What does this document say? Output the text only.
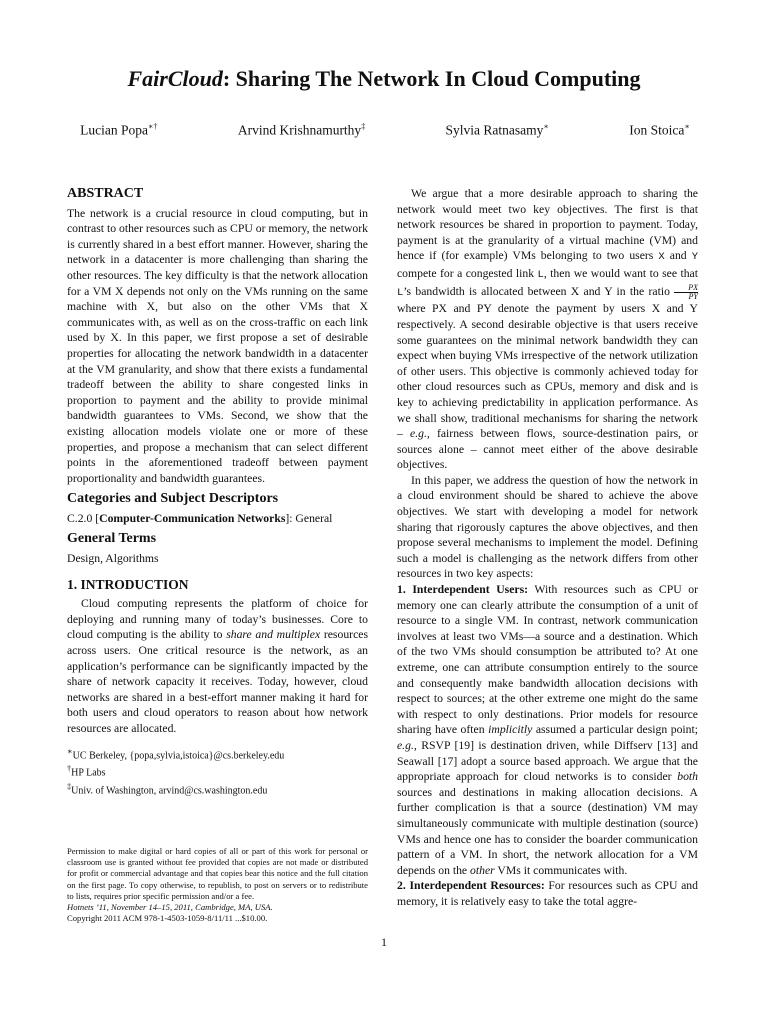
FairCloud: Sharing The Network In Cloud Computing
Lucian Popa∗†	Arvind Krishnamurthy‡	Sylvia Ratnasamy∗	Ion Stoica∗
ABSTRACT

The network is a crucial resource in cloud computing, but in contrast to other resources such as CPU or memory, the network is currently shared in a best effort manner. However, sharing the network in a datacenter is more challenging than sharing the other resources. The key difficulty is that the network allocation for a VM X depends not only on the VMs running on the same machine with X, but also on the other VMs that X communicates with, as well as on the cross-traffic on each link used by X. In this paper, we first propose a set of desirable properties for allocating the network bandwidth in a datacenter at the VM granularity, and show that there exists a fundamental tradeoff between the ability to share congested links in proportion to payment and the ability to provide minimal bandwidth guarantees to VMs. Second, we show that the existing allocation models violate one or more of these properties, and propose a mechanism that can select different points in the aforementioned tradeoff between payment proportionality and bandwidth guarantees.

Categories and Subject Descriptors

C.2.0 [Computer-Communication Networks]: General

General Terms

Design, Algorithms

1. INTRODUCTION

Cloud computing represents the platform of choice for deploying and running many of today’s businesses. Core to cloud computing is the ability to share and multiplex resources across users. One critical resource is the network, as an application’s performance can be significantly impacted by the share of network capacity it receives. Today, however, cloud networks are shared in a best-effort manner making it hard for both users and cloud operators to reason about how network resources are allocated.

∗UC Berkeley, {popa,sylvia,istoica}@cs.berkeley.edu
†HP Labs
‡Univ. of Washington, arvind@cs.washington.edu

Permission to make digital or hard copies of all or part of this work for personal or classroom use is granted without fee provided that copies are not made or distributed for profit or commercial advantage and that copies bear this notice and the full citation on the first page. To copy otherwise, to republish, to post on servers or to redistribute to lists, requires prior specific permission and/or a fee.

Hotnets ’11, November 14–15, 2011, Cambridge, MA, USA.
Copyright 2011 ACM 978-1-4503-1059-8/11/11 ...$10.00.

We argue that a more desirable approach to sharing the network would meet two key objectives. The first is that network resources be shared in proportion to payment. Today, payment is at the granularity of a virtual machine (VM) and hence if (for example) VMs belonging to two users X and Y compete for a congested link L, then we would want to see that L’s bandwidth is allocated between X and Y in the ratio $\frac{PX}{PY}$
where PX and PY denote the payment by users X and Y respectively. A second desirable objective is that users receive some guarantees on the minimal network bandwidth they can expect when buying VMs irrespective of the network utilization of other users. This objective is commonly achieved today for other cloud resources such as CPUs, memory and disk and is key to achieving predictability in application performance. As we shall show, traditional mechanisms for sharing the network – e.g., fairness between flows, source-destination pairs, or sources alone – cannot meet either of the above desirable objectives.

In this paper, we address the question of how the network in a cloud environment should be shared to achieve the above objectives. We start with developing a model for network sharing that rigorously captures the above objectives, and then propose several mechanisms to implement the model. Defining such a model is challenging as the network differs from other resources in two key aspects:

1. Interdependent Users: With resources such as CPU or memory one can clearly attribute the consumption of a unit of resource to a single VM. In contrast, network communication involves at least two VMs—a source and a destination. Which of the two VMs should consumption be attributed to? At one extreme, one can attribute consumption entirely to the source and consequently make bandwidth allocation decisions with respect to sources; at the other extreme one might do the same with respect to only destinations. Prior models for resource sharing have often implicitly assumed a particular design point; e.g., RSVP [19] is destination driven, while Diffserv [13] and Seawall [17] adopt a source based approach. We argue that the appropriate approach for cloud networks is to consider both sources and destinations in making allocation decisions. A further complication is that a source (destination) VM may simultaneously communicate with multiple destination (source) VMs and hence one has to consider the boarder communication pattern of a VM. In short, the network allocation for a VM depends on the other VMs it communicates with.

2. Interdependent Resources: For resources such as CPU and memory, it is relatively easy to take the total aggre-

1
